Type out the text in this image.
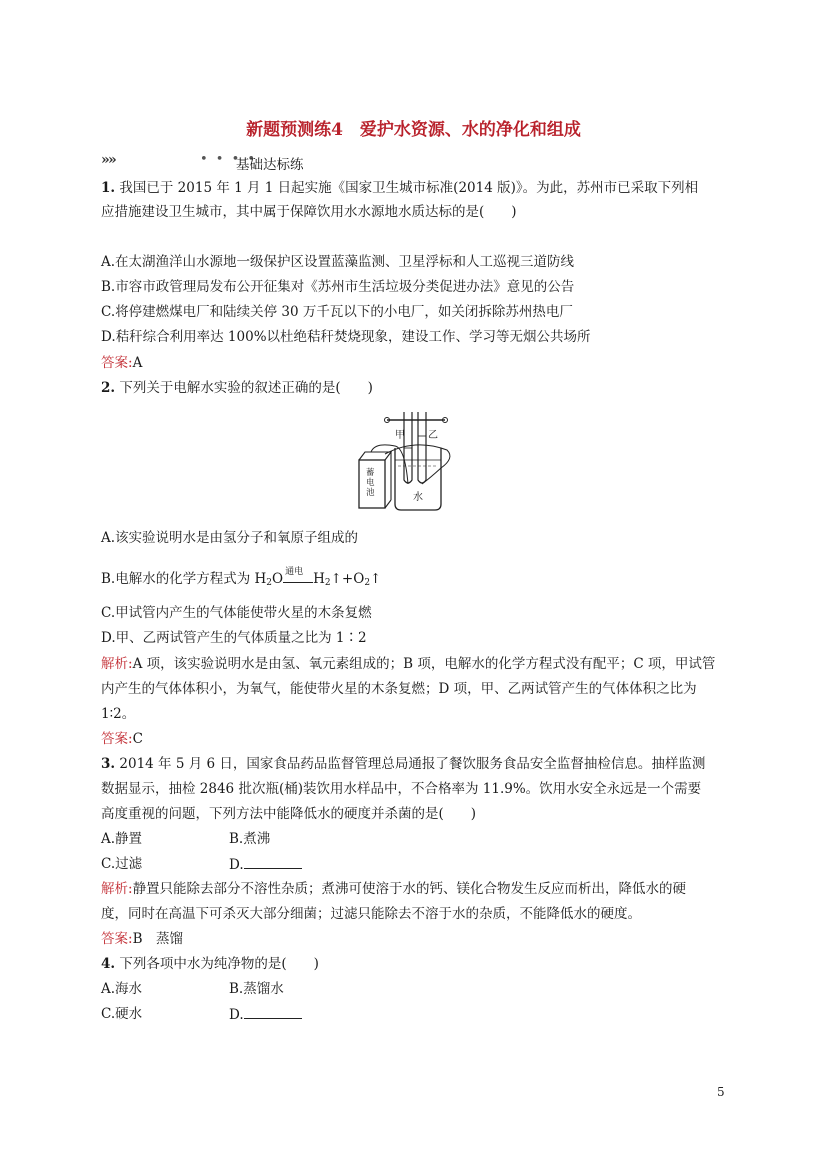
新题预测练4　爱护水资源、水的净化和组成
» »	• • • •
基础达标练
1. 我国已于 2015 年 1 月 1 日起实施《国家卫生城市标准(2014 版)》。为此，苏州市已采取下列相
应措施建设卫生城市，其中属于保障饮用水水源地水质达标的是(　　)
A.在太湖渔洋山水源地一级保护区设置蓝藻监测、卫星浮标和人工巡视三道防线
B.市容市政管理局发布公开征集对《苏州市生活垃圾分类促进办法》意见的公告
C.将停建燃煤电厂和陆续关停 30 万千瓦以下的小电厂，如关闭拆除苏州热电厂
D.秸秆综合利用率达 100%以杜绝秸秆焚烧现象，建设工作、学习等无烟公共场所
答案:A
2. 下列关于电解水实验的叙述正确的是(　　)
甲 乙
水
蓄电池
A.该实验说明水是由氢分子和氧原子组成的
B.电解水的化学方程式为 $H_2O$ 通电 $H_2↑+O_2↑$
C.甲试管内产生的气体能使带火星的木条复燃
D.甲、乙两试管产生的气体质量之比为 1∶2
解析:A 项，该实验说明水是由氢、氧元素组成的；B 项，电解水的化学方程式没有配平；C 项，甲试管
内产生的气体体积小，为氧气，能使带火星的木条复燃；D 项，甲、乙两试管产生的气体体积之比为
1∶2。
答案:C
3. 2014 年 5 月 6 日，国家食品药品监督管理总局通报了餐饮服务食品安全监督抽检信息。抽样监测
数据显示，抽检 2846 批次瓶(桶)装饮用水样品中，不合格率为 11.9%。饮用水安全永远是一个需要
高度重视的问题，下列方法中能降低水的硬度并杀菌的是(　　)
A.静置	B.煮沸
C.过滤	D.
解析:静置只能除去部分不溶性杂质；煮沸可使溶于水的钙、镁化合物发生反应而析出，降低水的硬
度，同时在高温下可杀灭大部分细菌；过滤只能除去不溶于水的杂质，不能降低水的硬度。
答案:B　蒸馏
4. 下列各项中水为纯净物的是(　　)
A.海水	B.蒸馏水
C.硬水	D.
5
